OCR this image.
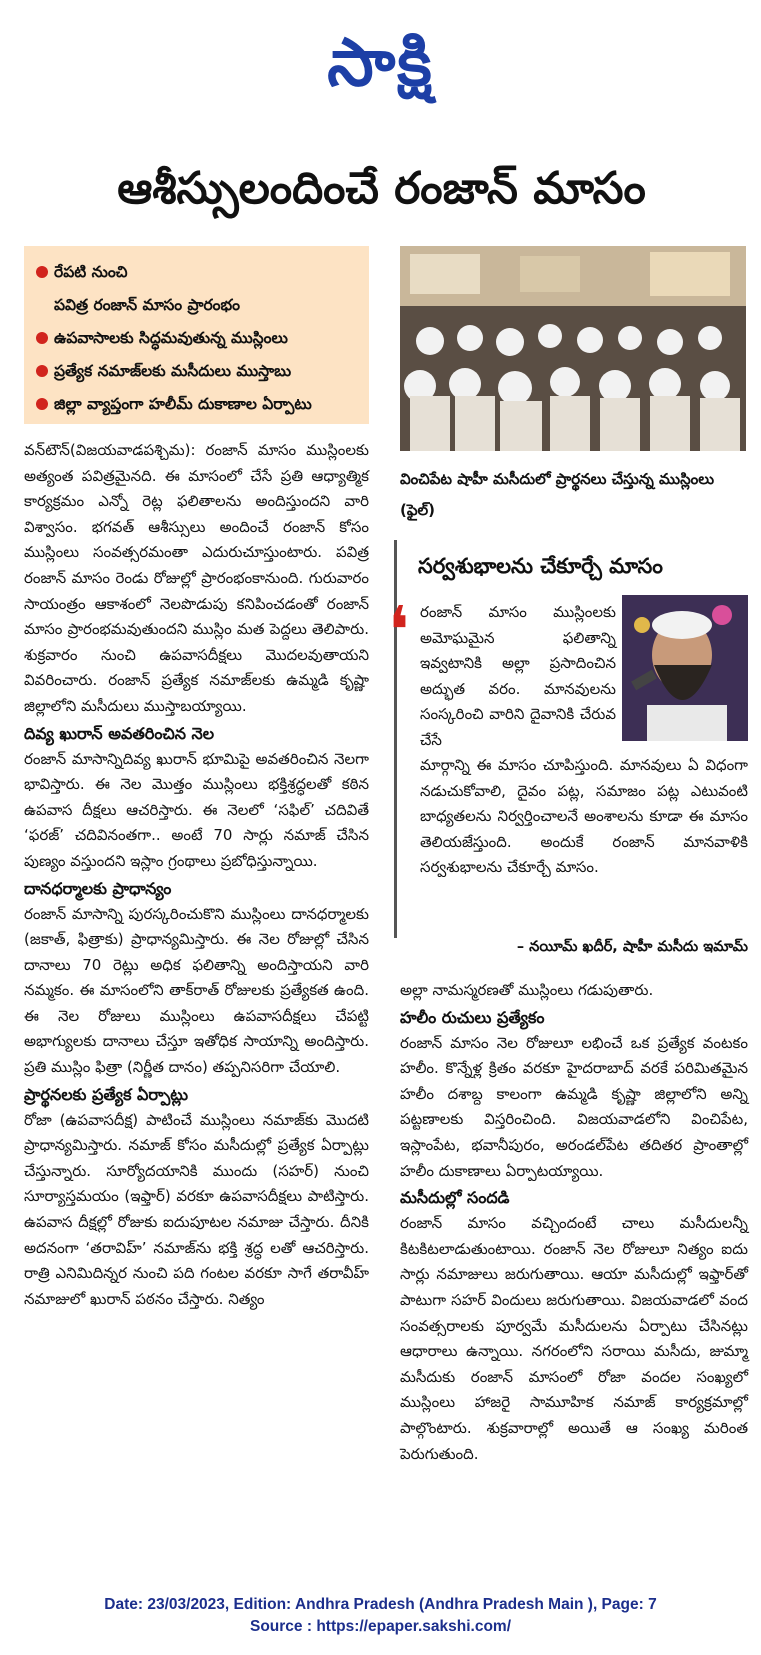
సాక్షి
ఆశీస్సులందించే రంజాన్ మాసం
రేపటి నుంచి
పవిత్ర రంజాన్ మాసం ప్రారంభం
ఉపవాసాలకు సిద్ధమవుతున్న ముస్లింలు
ప్రత్యేక నమాజ్‌లకు మసీదులు ముస్తాబు
జిల్లా వ్యాప్తంగా హలీమ్ దుకాణాల ఏర్పాటు
వించిపేట షాహీ మసీదులో ప్రార్థనలు చేస్తున్న ముస్లింలు (ఫైల్)

వన్‌టౌన్(విజయవాడపశ్చిమ): రంజాన్ మాసం ముస్లింలకు అత్యంత పవిత్రమైనది. ఈ మాసంలో చేసే ప్రతి ఆధ్యాత్మిక కార్యక్రమం ఎన్నో రెట్ల ఫలితాలను అందిస్తుందని వారి విశ్వాసం. భగవత్ ఆశీస్సులు అందించే రంజాన్ కోసం ముస్లింలు సంవత్సరమంతా ఎదురుచూస్తుంటారు. పవిత్ర రంజాన్ మాసం రెండు రోజుల్లో ప్రారంభంకానుంది. గురువారం సాయంత్రం ఆకాశంలో నెలపొడుపు కనిపించడంతో రంజాన్ మాసం ప్రారంభమవుతుందని ముస్లిం మత పెద్దలు తెలిపారు. శుక్రవారం నుంచి ఉపవాసదీక్షలు మొదలవుతాయని వివరించారు. రంజాన్ ప్రత్యేక నమాజ్‌లకు ఉమ్మడి కృష్ణా జిల్లాలోని మసీదులు ముస్తాబయ్యాయి.

దివ్య ఖురాన్ అవతరించిన నెల

రంజాన్ మాసాన్నిదివ్య ఖురాన్ భూమిపై అవతరించిన నెలగా భావిస్తారు. ఈ నెల మొత్తం ముస్లింలు భక్తిశ్రద్ధలతో కఠిన ఉపవాస దీక్షలు ఆచరిస్తారు. ఈ నెలలో ‘సఫిల్’ చదివితే ‘ఫరజ్’ చదివినంతగా.. అంటే 70 సార్లు నమాజ్ చేసిన పుణ్యం వస్తుందని ఇస్లాం గ్రంథాలు ప్రబోధిస్తున్నాయి.

దానధర్మాలకు ప్రాధాన్యం

రంజాన్ మాసాన్ని పురస్కరించుకొని ముస్లింలు దానధర్మాలకు (జకాత్, ఫిత్రాకు) ప్రాధాన్యమిస్తారు. ఈ నెల రోజుల్లో చేసిన దానాలు 70 రెట్లు అధిక ఫలితాన్ని అందిస్తాయని వారి నమ్మకం. ఈ మాసంలోని తాక్‌రాత్ రోజులకు ప్రత్యేకత ఉంది. ఈ నెల రోజులు ముస్లింలు ఉపవాసదీక్షలు చేపట్టి అభాగ్యులకు దానాలు చేస్తూ ఇతోధిక సాయాన్ని అందిస్తారు. ప్రతి ముస్లిం ఫిత్రా (నిర్ణీత దానం) తప్పనిసరిగా చేయాలి.

ప్రార్థనలకు ప్రత్యేక ఏర్పాట్లు

రోజా (ఉపవాసదీక్ష) పాటించే ముస్లింలు నమాజ్‌కు మొదటి ప్రాధాన్యమిస్తారు. నమాజ్ కోసం మసీదుల్లో ప్రత్యేక ఏర్పాట్లు చేస్తున్నారు. సూర్యోదయానికి ముందు (సహర్) నుంచి సూర్యాస్తమయం (ఇఫ్తార్) వరకూ ఉపవాసదీక్షలు పాటిస్తారు. ఉపవాస దీక్షల్లో రోజుకు ఐదుపూటల నమాజు చేస్తారు. దీనికి అదనంగా ‘తరావిహ్’ నమాజ్‌ను భక్తి శ్రద్ధ లతో ఆచరిస్తారు. రాత్రి ఎనిమిదిన్నర నుంచి పది గంటల వరకూ సాగే తరావీహ్ నమాజులో ఖురాన్ పఠనం చేస్తారు. నిత్యం

సర్వశుభాలను చేకూర్చే మాసం
❛ రంజాన్ మాసం ముస్లింలకు అమోఘమైన ఫలితాన్ని ఇవ్వటానికి అల్లా ప్రసాదించిన అద్భుత వరం. మానవులను సంస్కరించి వారిని దైవానికి చేరువ చేసే
మార్గాన్ని ఈ మాసం చూపిస్తుంది. మానవులు ఏ విధంగా నడుచుకోవాలి, దైవం పట్ల, సమాజం పట్ల ఎటువంటి బాధ్యతలను నిర్వర్తించాలనే అంశాలను కూడా ఈ మాసం తెలియజేస్తుంది. అందుకే రంజాన్ మానవాళికి సర్వశుభాలను చేకూర్చే మాసం.
– నయీమ్ ఖదీర్, షాహీ మసీదు ఇమామ్

అల్లా నామస్మరణతో ముస్లింలు గడుపుతారు.

హలీం రుచులు ప్రత్యేకం

రంజాన్ మాసం నెల రోజులూ లభించే ఒక ప్రత్యేక వంటకం హలీం. కొన్నేళ్ల క్రితం వరకూ హైదరాబాద్ వరకే పరిమితమైన హలీం దశాబ్ద కాలంగా ఉమ్మడి కృష్ణా జిల్లాలోని అన్ని పట్టణాలకు విస్తరించింది. విజయవాడలోని వించిపేట, ఇస్లాంపేట, భవానీపురం, అరండల్‌పేట తదితర ప్రాంతాల్లో హలీం దుకాణాలు ఏర్పాటయ్యాయి.

మసీదుల్లో సందడి

రంజాన్ మాసం వచ్చిందంటే చాలు మసీదులన్నీ కిటకిటలాడుతుంటాయి. రంజాన్ నెల రోజులూ నిత్యం ఐదు సార్లు నమాజులు జరుగుతాయి. ఆయా మసీదుల్లో ఇఫ్తార్‌తో పాటుగా సహర్ విందులు జరుగుతాయి. విజయవాడలో వంద సంవత్సరాలకు పూర్వమే మసీదులను ఏర్పాటు చేసినట్లు ఆధారాలు ఉన్నాయి. నగరంలోని సరాయి మసీదు, జుమ్మా మసీదుకు రంజాన్ మాసంలో రోజా వందల సంఖ్యలో ముస్లింలు హాజరై సామూహిక నమాజ్ కార్యక్రమాల్లో పాల్గొంటారు. శుక్రవారాల్లో అయితే ఆ సంఖ్య మరింత పెరుగుతుంది.

Date: 23/03/2023, Edition: Andhra Pradesh (Andhra Pradesh Main ), Page: 7
Source : https://epaper.sakshi.com/
